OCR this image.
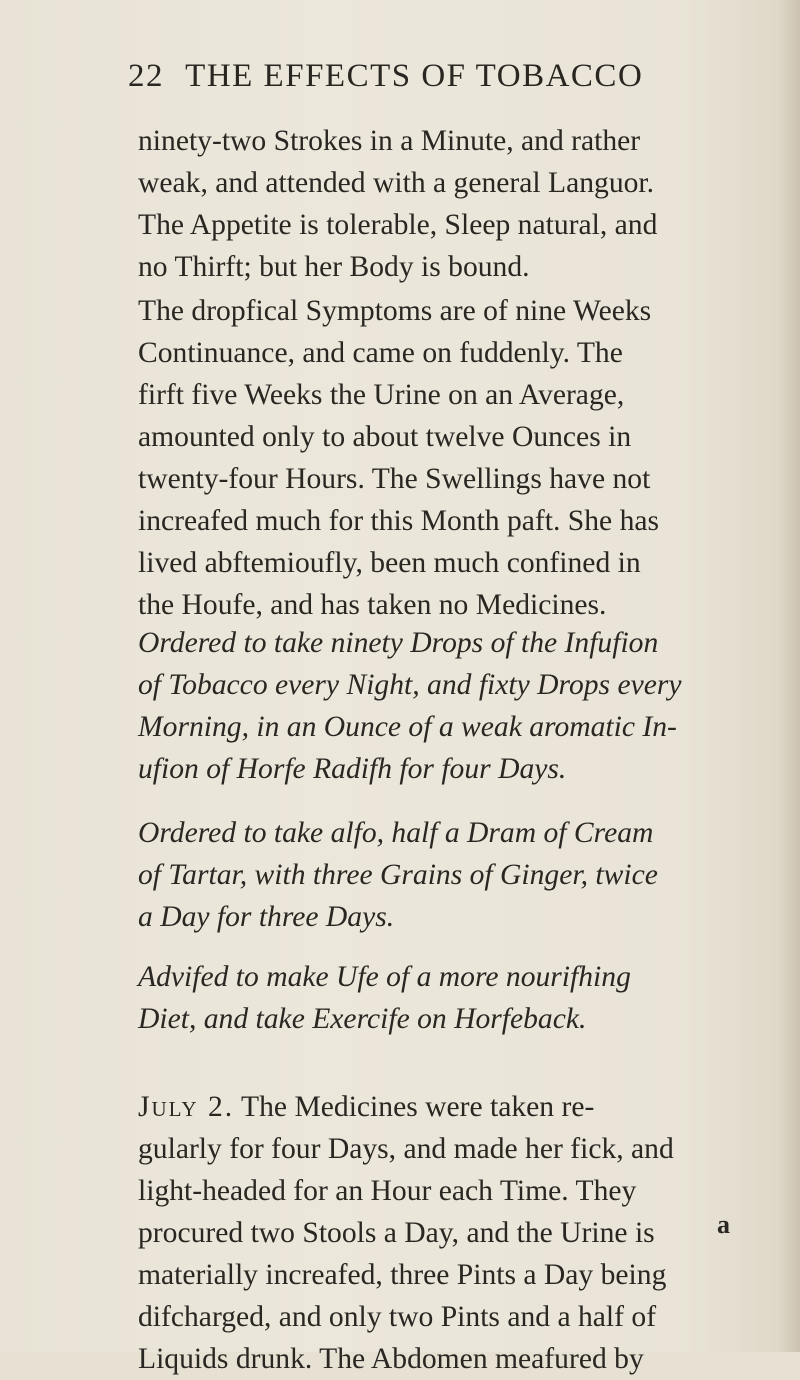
22 THE EFFECTS OF TOBACCO
ninety-two Strokes in a Minute, and rather
weak, and attended with a general Languor.
The Appetite is tolerable, Sleep natural, and
no Thirft; but her Body is bound.
The dropfical Symptoms are of nine Weeks
Continuance, and came on fuddenly. The
firft five Weeks the Urine on an Average,
amounted only to about twelve Ounces in
twenty-four Hours. The Swellings have not
increafed much for this Month paft. She has
lived abftemioufly, been much confined in
the Houfe, and has taken no Medicines.
Ordered to take ninety Drops of the Infufion
of Tobacco every Night, and fixty Drops every
Morning, in an Ounce of a weak aromatic In-
ufion of Horfe Radifh for four Days.
Ordered to take alfo, half a Dram of Cream
of Tartar, with three Grains of Ginger, twice
a Day for three Days.
Advifed to make Ufe of a more nourifhing
Diet, and take Exercife on Horfeback.
July 2. The Medicines were taken re-
gularly for four Days, and made her fick, and
light-headed for an Hour each Time. They
procured two Stools a Day, and the Urine is
materially increafed, three Pints a Day being
difcharged, and only two Pints and a half of
Liquids drunk. The Abdomen meafured by
a
